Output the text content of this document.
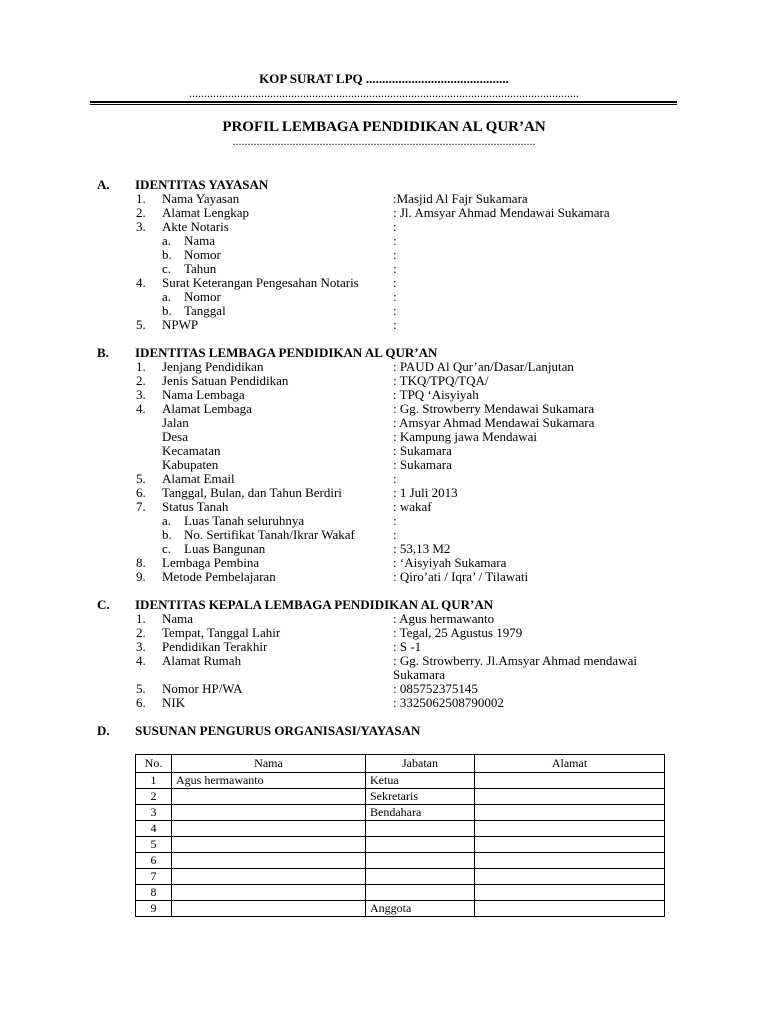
KOP SURAT LPQ ............................................
..................................................................................................................................
PROFIL LEMBAGA PENDIDIKAN AL QUR’AN
.....................................................................................................
A. IDENTITAS YAYASAN
1. Nama Yayasan	:Masjid Al Fajr Sukamara
2. Alamat Lengkap	: Jl. Amsyar Ahmad Mendawai Sukamara
3. Akte Notaris	:
a. Nama	:
b. Nomor	:
c. Tahun	:
4. Surat Keterangan Pengesahan Notaris	:
a. Nomor	:
b. Tanggal	:
5. NPWP	:
B. IDENTITAS LEMBAGA PENDIDIKAN AL QUR’AN
1. Jenjang Pendidikan	: PAUD Al Qur’an/Dasar/Lanjutan
2. Jenis Satuan Pendidikan	: TKQ/TPQ/TQA/
3. Nama Lembaga	: TPQ ‘Aisyiyah
4. Alamat Lembaga	: Gg. Strowberry Mendawai Sukamara
Jalan	: Amsyar Ahmad Mendawai Sukamara
Desa	: Kampung jawa Mendawai
Kecamatan	: Sukamara
Kabupaten	: Sukamara
5. Alamat Email	:
6. Tanggal, Bulan, dan Tahun Berdiri	: 1 Juli 2013
7. Status Tanah	: wakaf
a. Luas Tanah seluruhnya	:
b. No. Sertifikat Tanah/Ikrar Wakaf	:
c. Luas Bangunan	: 53,13 M2
8. Lembaga Pembina	: ‘Aisyiyah Sukamara
9. Metode Pembelajaran	: Qiro’ati / Iqra’ / Tilawati
C. IDENTITAS KEPALA LEMBAGA PENDIDIKAN AL QUR’AN
1. Nama	: Agus hermawanto
2. Tempat, Tanggal Lahir	: Tegal, 25 Agustus 1979
3. Pendidikan Terakhir	: S -1
4. Alamat Rumah	: Gg. Strowberry. Jl.Amsyar Ahmad mendawai
Sukamara
5. Nomor HP/WA	: 085752375145
6. NIK	: 3325062508790002
D. SUSUNAN PENGURUS ORGANISASI/YAYASAN
No.	Nama	Jabatan	Alamat
1	Agus hermawanto	Ketua	
2		Sekretaris	
3		Bendahara	
4			
5			
6			
7			
8			
9		Anggota	
